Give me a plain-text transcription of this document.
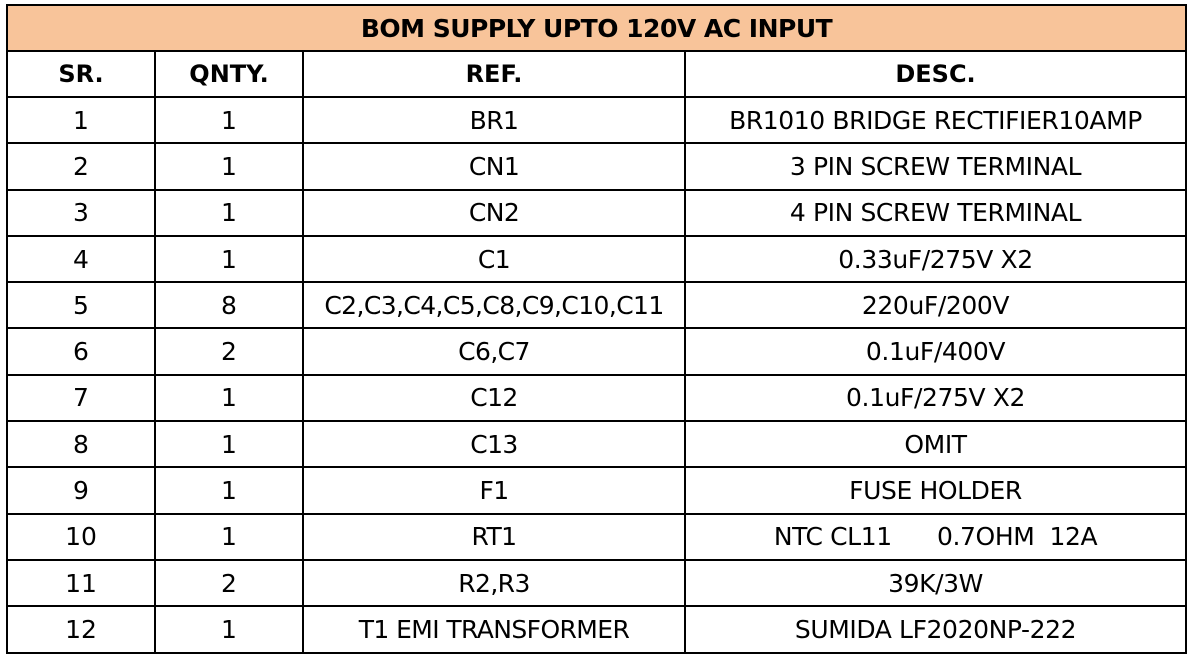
BOM SUPPLY UPTO 120V AC INPUT			
SR.	QNTY.	REF.	DESC.
1	1	BR1	BR1010 BRIDGE RECTIFIER10AMP
2	1	CN1	3 PIN SCREW TERMINAL
3	1	CN2	4 PIN SCREW TERMINAL
4	1	C1	0.33uF/275V X2
5	8	C2,C3,C4,C5,C8,C9,C10,C11	220uF/200V
6	2	C6,C7	0.1uF/400V
7	1	C12	0.1uF/275V X2
8	1	C13	OMIT
9	1	F1	FUSE HOLDER
10	1	RT1	NTC CL11      0.7OHM  12A
11	2	R2,R3	39K/3W
12	1	T1 EMI TRANSFORMER	SUMIDA LF2020NP-222
